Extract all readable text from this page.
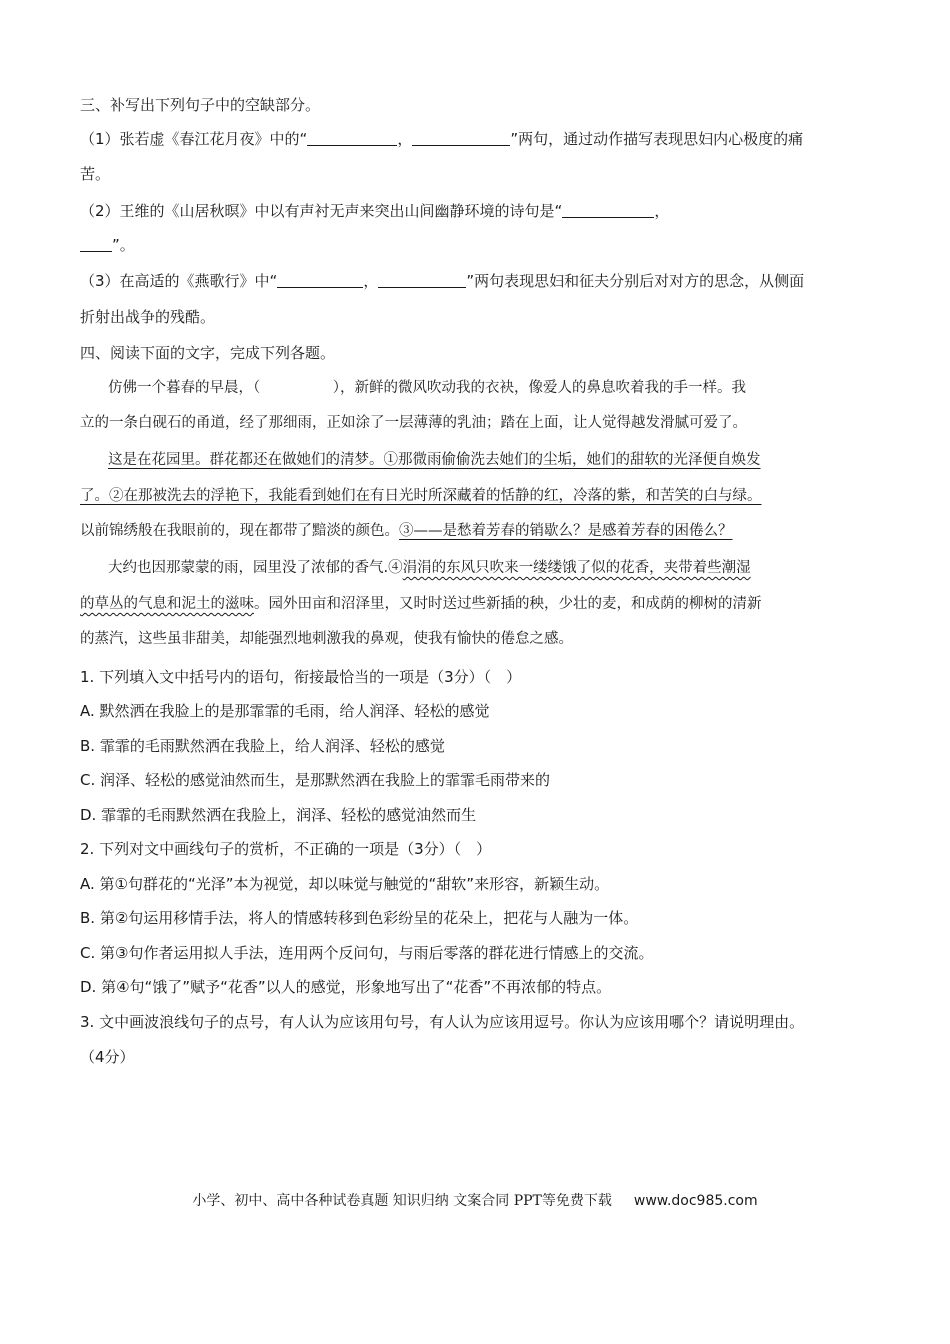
三、补写出下列句子中的空缺部分。
（1）张若虚《春江花月夜》中的“	，	”两句，通过动作描写表现思妇内心极度的痛
苦。
（2）王维的《山居秋暝》中以有声衬无声来突出山间幽静环境的诗句是“	，
”。
（3）在高适的《燕歌行》中“	，	”两句表现思妇和征夫分别后对对方的思念，从侧面
折射出战争的残酷。
四、阅读下面的文字，完成下列各题。
仿佛一个暮春的早晨，（　　　　　），新鲜的微风吹动我的衣袂，像爱人的鼻息吹着我的手一样。我
立的一条白砚石的甬道，经了那细雨，正如涂了一层薄薄的乳油；踏在上面，让人觉得越发滑腻可爱了。
这是在花园里。群花都还在做她们的清梦。①那微雨偷偷洗去她们的尘垢，她们的甜软的光泽便自焕发
了。②在那被洗去的浮艳下，我能看到她们在有日光时所深藏着的恬静的红，冷落的紫，和苦笑的白与绿。
以前锦绣般在我眼前的，现在都带了黯淡的颜色。③——是愁着芳春的销歇么？是感着芳春的困倦么？
大约也因那蒙蒙的雨，园里没了浓郁的香气.④涓涓的东风只吹来一缕缕饿了似的花香，夹带着些潮湿
的草丛的气息和泥土的滋味。园外田亩和沼泽里，又时时送过些新插的秧，少壮的麦，和成荫的柳树的清新
的蒸汽，这些虽非甜美，却能强烈地刺激我的鼻观，使我有愉快的倦怠之感。
1. 下列填入文中括号内的语句，衔接最恰当的一项是（3分）（　）
A. 默然洒在我脸上的是那霏霏的毛雨，给人润泽、轻松的感觉
B. 霏霏的毛雨默然洒在我脸上，给人润泽、轻松的感觉
C. 润泽、轻松的感觉油然而生，是那默然洒在我脸上的霏霏毛雨带来的
D. 霏霏的毛雨默然洒在我脸上，润泽、轻松的感觉油然而生
2. 下列对文中画线句子的赏析，不正确的一项是（3分）（　）
A. 第①句群花的“光泽”本为视觉，却以味觉与触觉的“甜软”来形容，新颖生动。
B. 第②句运用移情手法，将人的情感转移到色彩纷呈的花朵上，把花与人融为一体。
C. 第③句作者运用拟人手法，连用两个反问句，与雨后零落的群花进行情感上的交流。
D. 第④句“饿了”赋予“花香”以人的感觉，形象地写出了“花香”不再浓郁的特点。
3. 文中画波浪线句子的点号，有人认为应该用句号，有人认为应该用逗号。你认为应该用哪个？请说明理由。
（4分）
小学、初中、高中各种试卷真题 知识归纳 文案合同 PPT等免费下载 www.doc985.com
